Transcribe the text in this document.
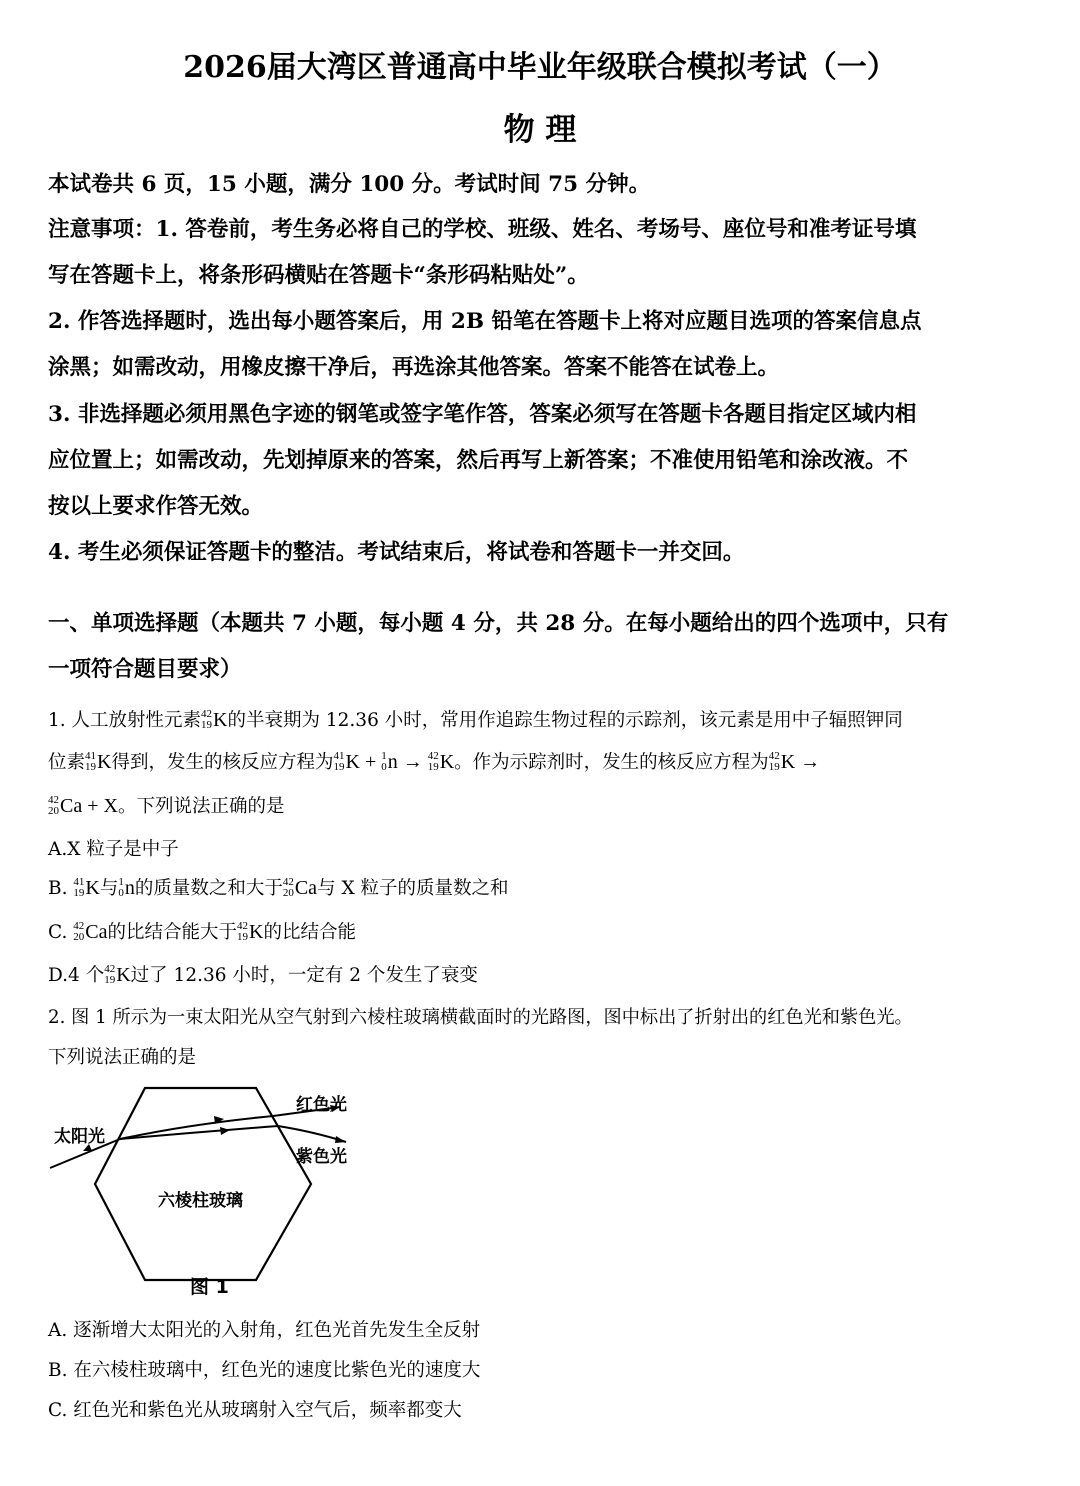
2026届大湾区普通高中毕业年级联合模拟考试（一）
物 理
本试卷共 6 页，15 小题，满分 100 分。考试时间 75 分钟。
注意事项：1. 答卷前，考生务必将自己的学校、班级、姓名、考场号、座位号和准考证号填
写在答题卡上，将条形码横贴在答题卡“条形码粘贴处”。
2. 作答选择题时，选出每小题答案后，用 2B 铅笔在答题卡上将对应题目选项的答案信息点
涂黑；如需改动，用橡皮擦干净后，再选涂其他答案。答案不能答在试卷上。
3. 非选择题必须用黑色字迹的钢笔或签字笔作答，答案必须写在答题卡各题目指定区域内相
应位置上；如需改动，先划掉原来的答案，然后再写上新答案；不准使用铅笔和涂改液。不
按以上要求作答无效。
4. 考生必须保证答题卡的整洁。考试结束后，将试卷和答题卡一并交回。
一、单项选择题（本题共 7 小题，每小题 4 分，共 28 分。在每小题给出的四个选项中，只有
一项符合题目要求）
1. 人工放射性元素 42
19 K的半衰期为 12.36 小时，常用作追踪生物过程的示踪剂，该元素是用中子辐照钾同
位素 41
19 K得到，发生的核反应方程为 41
19 K + 1
0 n → 42
19 K。作为示踪剂时，发生的核反应方程为 42
19 K →
42
20 Ca + X。下列说法正确的是
A.X 粒子是中子
B. 41
19 K与 1
0 n的质量数之和大于 42
20 Ca与 X 粒子的质量数之和
C. 42
20 Ca的比结合能大于 42
19 K的比结合能
D.4 个 42
19 K过了 12.36 小时，一定有 2 个发生了衰变
2. 图 1 所示为一束太阳光从空气射到六棱柱玻璃横截面时的光路图，图中标出了折射出的红色光和紫色光。
下列说法正确的是
太阳光
红色光
紫色光
六棱柱玻璃
图 1
A. 逐渐增大太阳光的入射角，红色光首先发生全反射
B. 在六棱柱玻璃中，红色光的速度比紫色光的速度大
C. 红色光和紫色光从玻璃射入空气后，频率都变大
